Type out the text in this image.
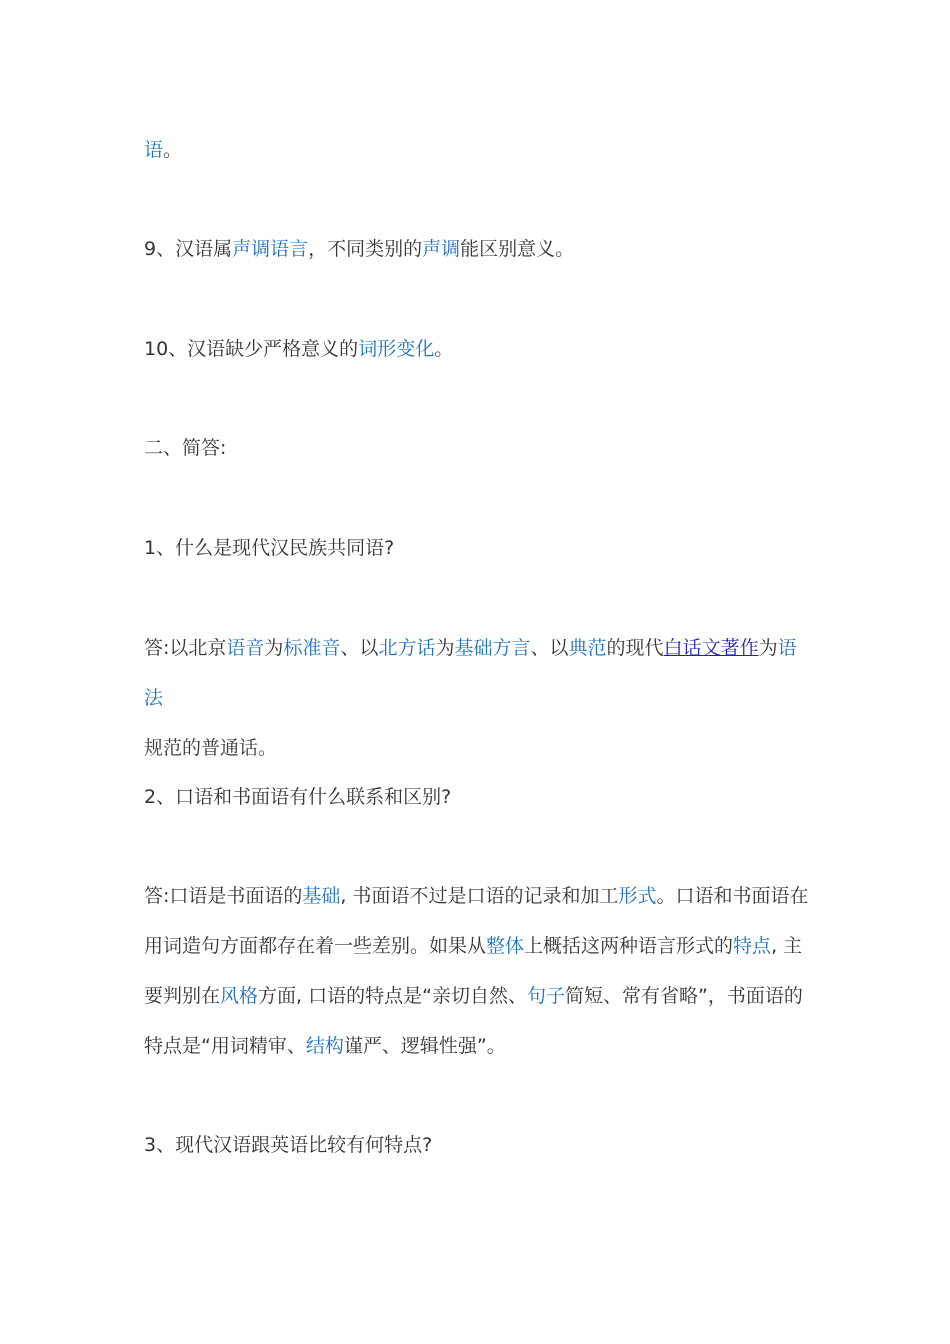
语。

9、汉语属声调语言，不同类别的声调能区别意义。

10、汉语缺少严格意义的词形变化。

二、简答:

1、什么是现代汉民族共同语?

答:以北京语音为标准音、以北方话为基础方言、以典范的现代白话文著作为语法
规范的普通话。

2、口语和书面语有什么联系和区别?

答:口语是书面语的基础, 书面语不过是口语的记录和加工形式。口语和书面语在用词造句方面都存在着一些差别。如果从整体上概括这两种语言形式的特点, 主要判别在风格方面, 口语的特点是“亲切自然、句子简短、常有省略”，书面语的特点是“用词精审、结构谨严、逻辑性强”。

3、现代汉语跟英语比较有何特点?
